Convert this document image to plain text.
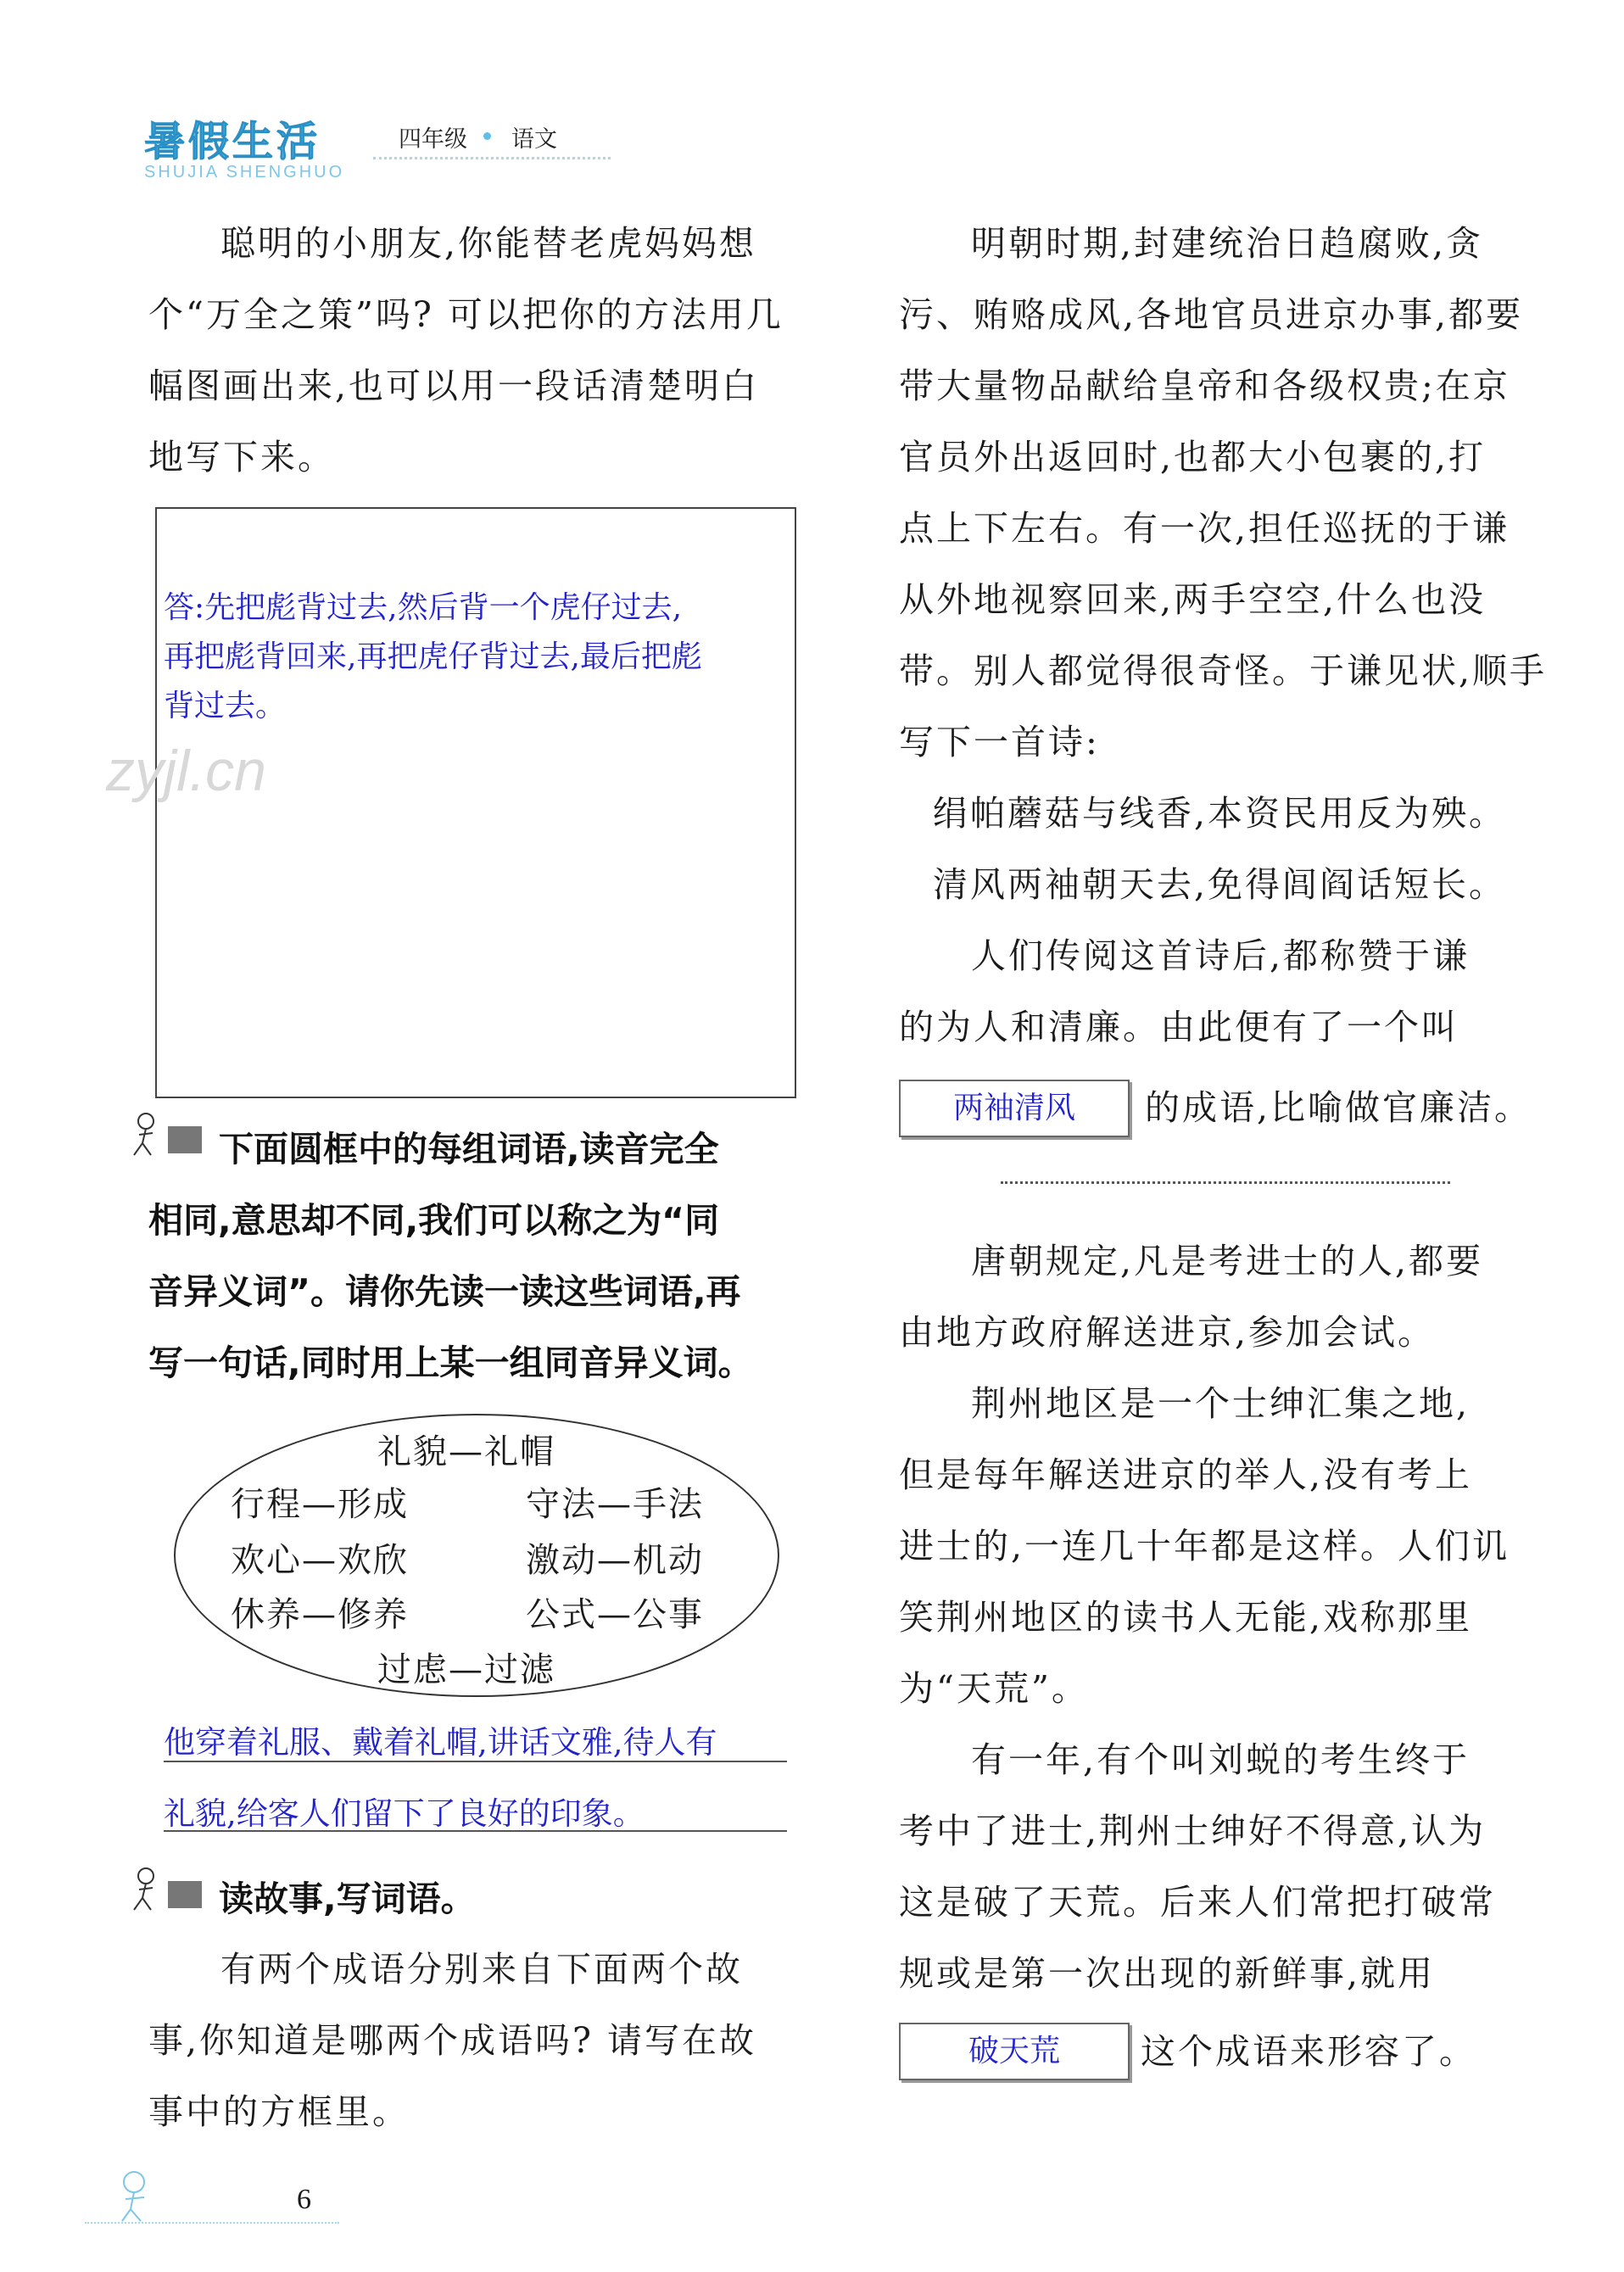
暑假生活
SHUJIA SHENGHUO
四年级 语文
聪明的小朋友,你能替老虎妈妈想
个“万全之策”吗? 可以把你的方法用几
幅图画出来,也可以用一段话清楚明白
地写下来。
答:先把彪背过去,然后背一个虎仔过去,
再把彪背回来,再把虎仔背过去,最后把彪
背过去。
zyjl.cn
下面圆框中的每组词语,读音完全
相同,意思却不同,我们可以称之为“同
音异义词”。请你先读一读这些词语,再
写一句话,同时用上某一组同音异义词。
礼貌—礼帽
行程—形成	守法—手法
欢心—欢欣	激动—机动
休养—修养	公式—公事
过虑—过滤
他穿着礼服、戴着礼帽,讲话文雅,待人有
礼貌,给客人们留下了良好的印象。
读故事,写词语。
有两个成语分别来自下面两个故
事,你知道是哪两个成语吗? 请写在故
事中的方框里。
6
明朝时期,封建统治日趋腐败,贪
污、贿赂成风,各地官员进京办事,都要
带大量物品献给皇帝和各级权贵;在京
官员外出返回时,也都大小包裹的,打
点上下左右。有一次,担任巡抚的于谦
从外地视察回来,两手空空,什么也没
带。别人都觉得很奇怪。于谦见状,顺手
写下一首诗:
绢帕蘑菇与线香,本资民用反为殃。
清风两袖朝天去,免得闾阎话短长。
人们传阅这首诗后,都称赞于谦
的为人和清廉。由此便有了一个叫
两袖清风	的成语,比喻做官廉洁。
唐朝规定,凡是考进士的人,都要
由地方政府解送进京,参加会试。
荆州地区是一个士绅汇集之地,
但是每年解送进京的举人,没有考上
进士的,一连几十年都是这样。人们讥
笑荆州地区的读书人无能,戏称那里
为“天荒”。
有一年,有个叫刘蜕的考生终于
考中了进士,荆州士绅好不得意,认为
这是破了天荒。后来人们常把打破常
规或是第一次出现的新鲜事,就用
破天荒	这个成语来形容了。
